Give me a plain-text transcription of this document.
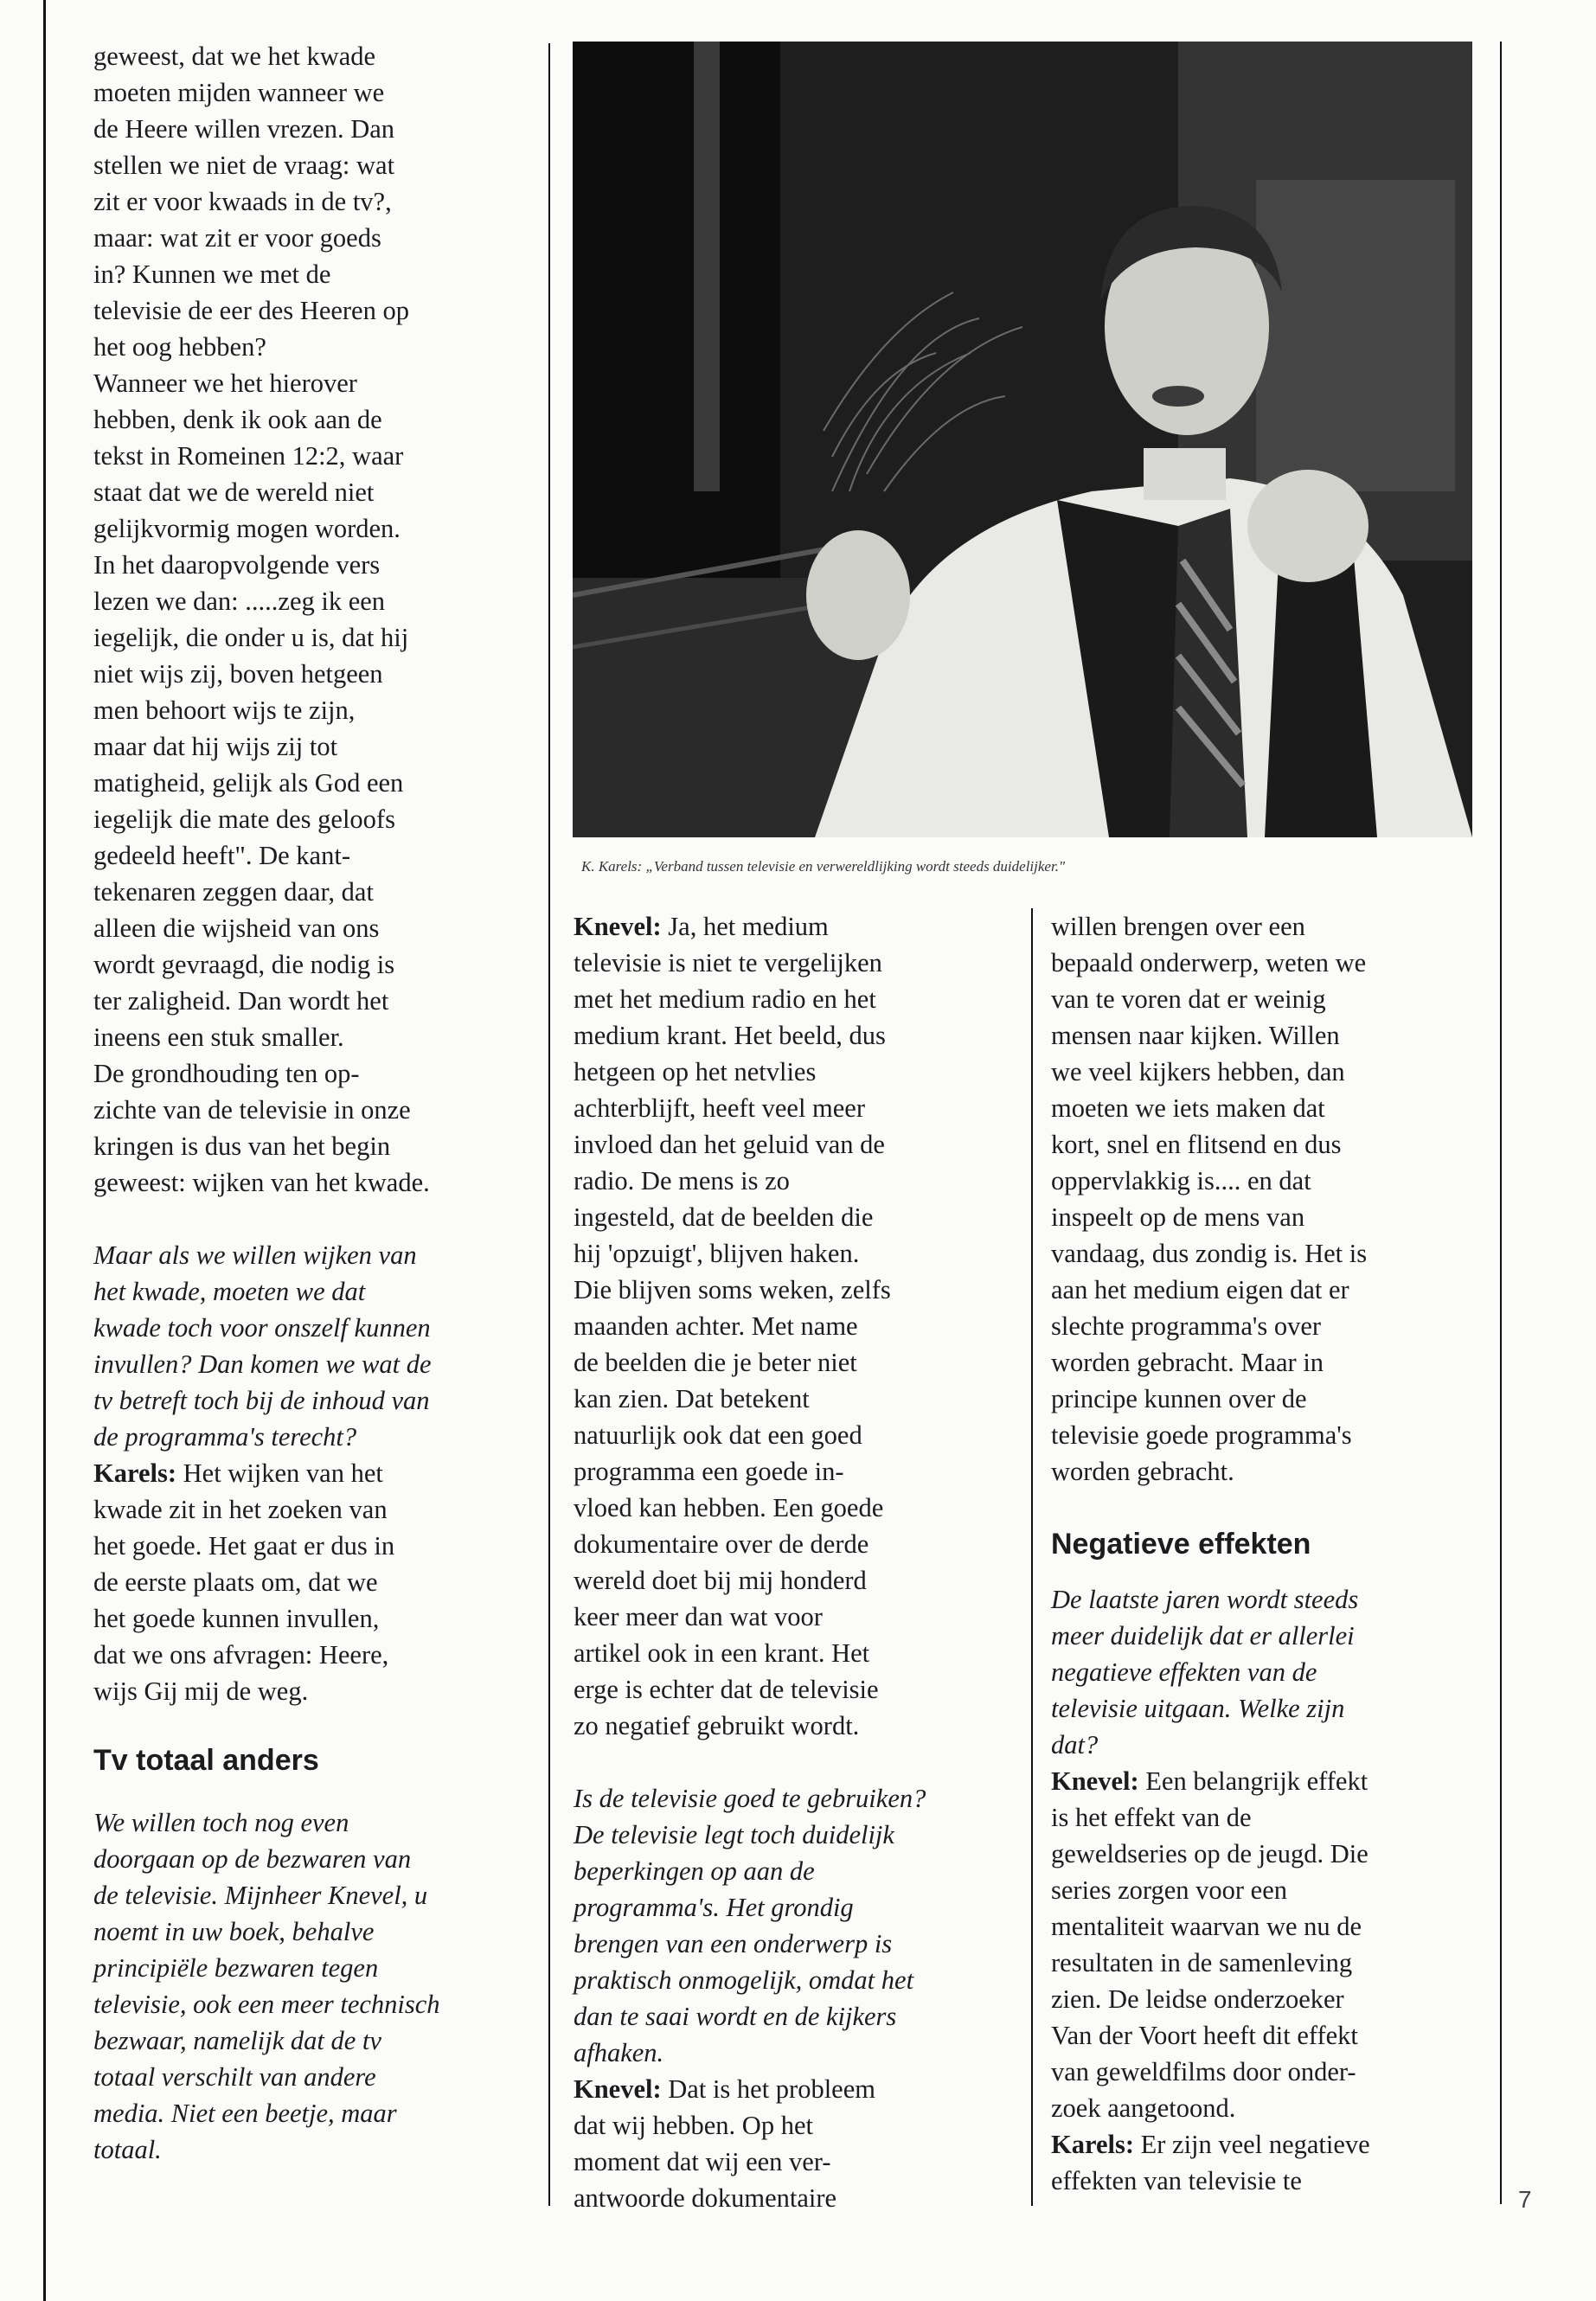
geweest, dat we het kwade

moeten mijden wanneer we

de Heere willen vrezen. Dan

stellen we niet de vraag: wat

zit er voor kwaads in de tv?,

maar: wat zit er voor goeds

in? Kunnen we met de

televisie de eer des Heeren op

het oog hebben?

Wanneer we het hierover

hebben, denk ik ook aan de

tekst in Romeinen 12:2, waar

staat dat we de wereld niet

gelijkvormig mogen worden.

In het daaropvolgende vers

lezen we dan: .....zeg ik een

iegelijk, die onder u is, dat hij

niet wijs zij, boven hetgeen

men behoort wijs te zijn,

maar dat hij wijs zij tot

matigheid, gelijk als God een

iegelijk die mate des geloofs

gedeeld heeft". De kant-

tekenaren zeggen daar, dat

alleen die wijsheid van ons

wordt gevraagd, die nodig is

ter zaligheid. Dan wordt het

ineens een stuk smaller.

De grondhouding ten op-

zichte van de televisie in onze

kringen is dus van het begin

geweest: wijken van het kwade.

Maar als we willen wijken van

het kwade, moeten we dat

kwade toch voor onszelf kunnen

invullen? Dan komen we wat de

tv betreft toch bij de inhoud van

de programma's terecht?

Karels: Het wijken van het

kwade zit in het zoeken van

het goede. Het gaat er dus in

de eerste plaats om, dat we

het goede kunnen invullen,

dat we ons afvragen: Heere,

wijs Gij mij de weg.

Tv totaal anders

We willen toch nog even

doorgaan op de bezwaren van

de televisie. Mijnheer Knevel, u

noemt in uw boek, behalve

principiële bezwaren tegen

televisie, ook een meer technisch

bezwaar, namelijk dat de tv

totaal verschilt van andere

media. Niet een beetje, maar

totaal.

K. Karels: „Verband tussen televisie en verwereldlijking wordt steeds duidelijker."

Knevel: Ja, het medium

televisie is niet te vergelijken

met het medium radio en het

medium krant. Het beeld, dus

hetgeen op het netvlies

achterblijft, heeft veel meer

invloed dan het geluid van de

radio. De mens is zo

ingesteld, dat de beelden die

hij 'opzuigt', blijven haken.

Die blijven soms weken, zelfs

maanden achter. Met name

de beelden die je beter niet

kan zien. Dat betekent

natuurlijk ook dat een goed

programma een goede in-

vloed kan hebben. Een goede

dokumentaire over de derde

wereld doet bij mij honderd

keer meer dan wat voor

artikel ook in een krant. Het

erge is echter dat de televisie

zo negatief gebruikt wordt.

Is de televisie goed te gebruiken?

De televisie legt toch duidelijk

beperkingen op aan de

programma's. Het grondig

brengen van een onderwerp is

praktisch onmogelijk, omdat het

dan te saai wordt en de kijkers

afhaken.

Knevel: Dat is het probleem

dat wij hebben. Op het

moment dat wij een ver-

antwoorde dokumentaire

willen brengen over een

bepaald onderwerp, weten we

van te voren dat er weinig

mensen naar kijken. Willen

we veel kijkers hebben, dan

moeten we iets maken dat

kort, snel en flitsend en dus

oppervlakkig is.... en dat

inspeelt op de mens van

vandaag, dus zondig is. Het is

aan het medium eigen dat er

slechte programma's over

worden gebracht. Maar in

principe kunnen over de

televisie goede programma's

worden gebracht.

Negatieve effekten

De laatste jaren wordt steeds

meer duidelijk dat er allerlei

negatieve effekten van de

televisie uitgaan. Welke zijn

dat?

Knevel: Een belangrijk effekt

is het effekt van de

geweldseries op de jeugd. Die

series zorgen voor een

mentaliteit waarvan we nu de

resultaten in de samenleving

zien. De leidse onderzoeker

Van der Voort heeft dit effekt

van geweldfilms door onder-

zoek aangetoond.

Karels: Er zijn veel negatieve

effekten van televisie te

7
